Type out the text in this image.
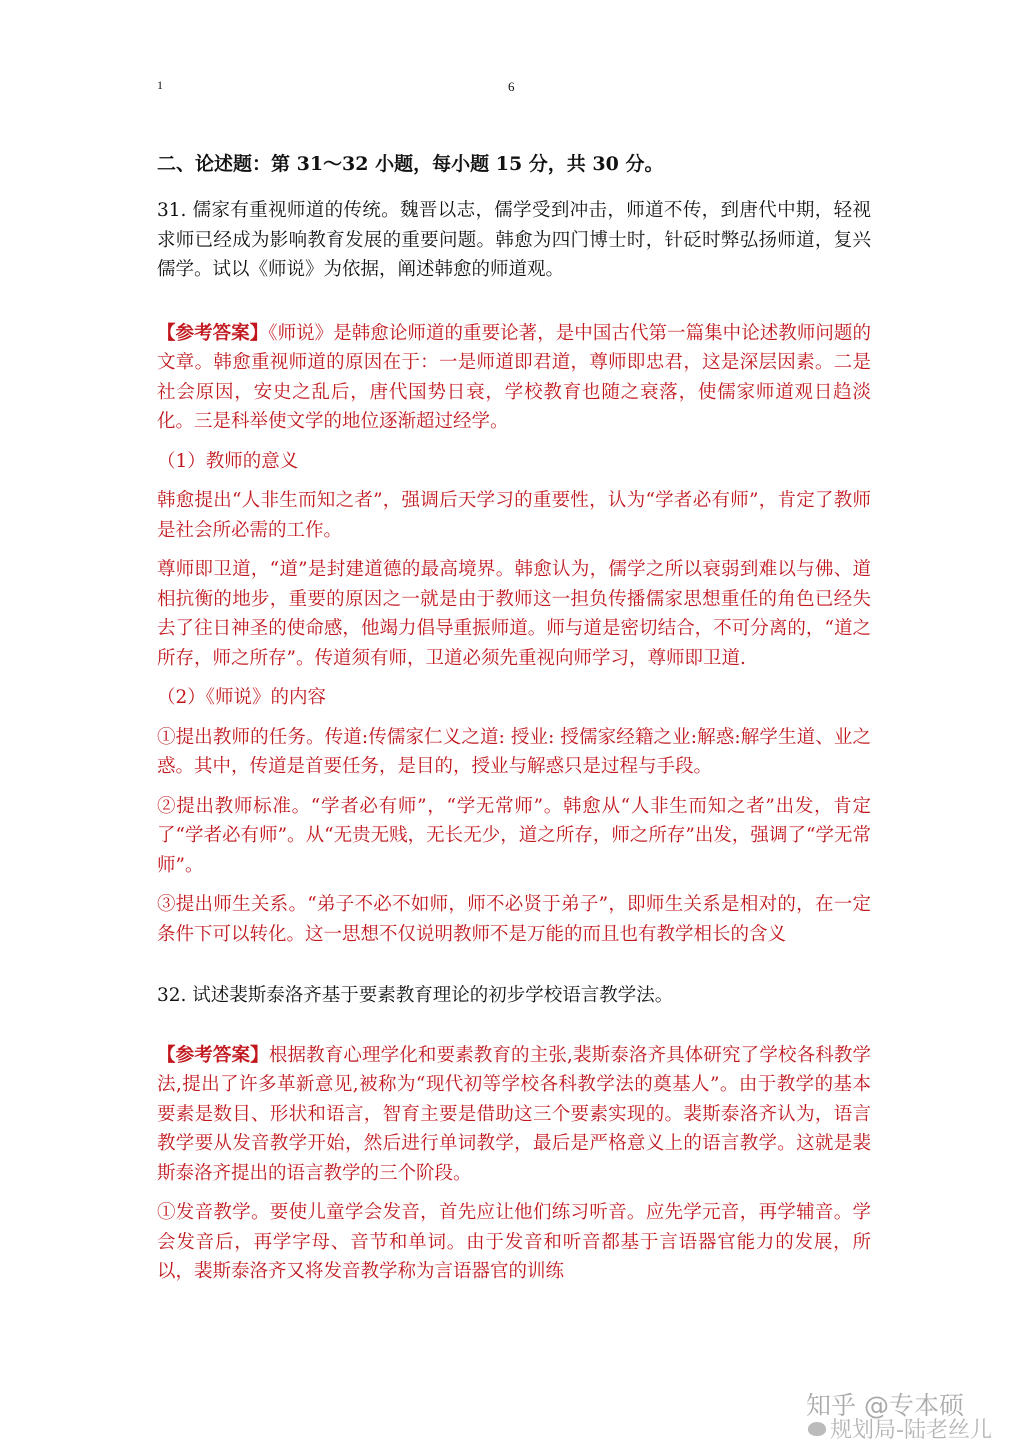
1	6
二、论述题：第 31～32 小题，每小题 15 分，共 30 分。
31. 儒家有重视师道的传统。魏晋以志，儒学受到冲击，师道不传，到唐代中期，轻视求师已经成为影响教育发展的重要问题。韩愈为四门博士时，针砭时弊弘扬师道，复兴儒学。试以《师说》为依据，阐述韩愈的师道观。

【参考答案】《师说》是韩愈论师道的重要论著，是中国古代第一篇集中论述教师问题的文章。韩愈重视师道的原因在于：一是师道即君道，尊师即忠君，这是深层因素。二是社会原因，安史之乱后，唐代国势日衰，学校教育也随之衰落，使儒家师道观日趋淡化。三是科举使文学的地位逐渐超过经学。

（1）教师的意义

韩愈提出“人非生而知之者”，强调后天学习的重要性，认为“学者必有师”，肯定了教师是社会所必需的工作。

尊师即卫道，“道”是封建道德的最高境界。韩愈认为，儒学之所以衰弱到难以与佛、道相抗衡的地步，重要的原因之一就是由于教师这一担负传播儒家思想重任的角色已经失去了往日神圣的使命感，他竭力倡导重振师道。师与道是密切结合，不可分离的，“道之所存，师之所存”。传道须有师，卫道必须先重视向师学习，尊师即卫道.

（2）《师说》的内容

①提出教师的任务。传道:传儒家仁义之道: 授业: 授儒家经籍之业:解惑:解学生道、业之惑。其中，传道是首要任务，是目的，授业与解惑只是过程与手段。

②提出教师标准。“学者必有师”，“学无常师”。韩愈从“人非生而知之者”出发，肯定了“学者必有师”。从“无贵无贱，无长无少，道之所存，师之所存”出发，强调了“学无常师”。

③提出师生关系。“弟子不必不如师，师不必贤于弟子”，即师生关系是相对的，在一定条件下可以转化。这一思想不仅说明教师不是万能的而且也有教学相长的含义

32. 试述裴斯泰洛齐基于要素教育理论的初步学校语言教学法。

【参考答案】根据教育心理学化和要素教育的主张,裴斯泰洛齐具体研究了学校各科教学法,提出了许多革新意见,被称为“现代初等学校各科教学法的奠基人”。由于教学的基本要素是数目、形状和语言，智育主要是借助这三个要素实现的。裴斯泰洛齐认为，语言教学要从发音教学开始，然后进行单词教学，最后是严格意义上的语言教学。这就是裴斯泰洛齐提出的语言教学的三个阶段。

①发音教学。要使儿童学会发音，首先应让他们练习听音。应先学元音，再学辅音。学会发音后，再学字母、音节和单词。由于发音和听音都基于言语器官能力的发展，所以，裴斯泰洛齐又将发音教学称为言语器官的训练

知乎 @专本硕
规划局-陆老丝儿
